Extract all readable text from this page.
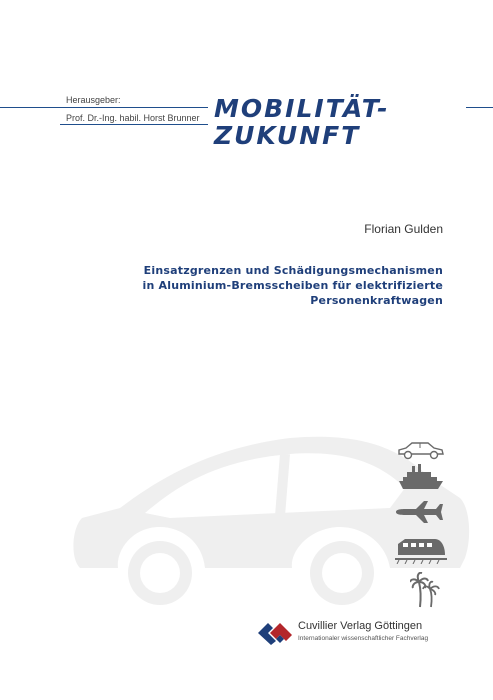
Herausgeber:
Prof. Dr.-Ing. habil. Horst Brunner MOBILITÄT-
ZUKUNFT
Florian Gulden
Einsatzgrenzen und Schädigungsmechanismen
in Aluminium-Bremsscheiben für elektrifizierte
Personenkraftwagen
Cuvillier Verlag Göttingen
Internationaler wissenschaftlicher Fachverlag
